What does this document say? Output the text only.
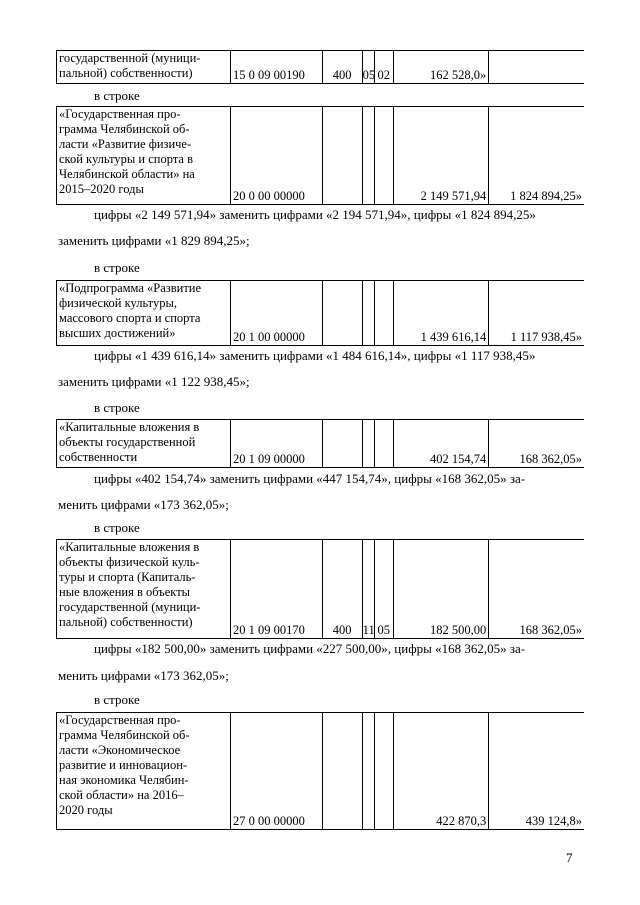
государственной (муници-
пальной) собственности)	15 0 09 00190	400	05	02	162 528,0»	
в строке
«Государственная про-
грамма Челябинской об-
ласти «Развитие физиче-
ской культуры и спорта в
Челябинской области» на
2015–2020 годы	20 0 00 00000				2 149 571,94	1 824 894,25»
цифры «2 149 571,94» заменить цифрами «2 194 571,94», цифры «1 824 894,25»
заменить цифрами «1 829 894,25»;
в строке
«Подпрограмма «Развитие
физической культуры,
массового спорта и спорта
высших достижений»	20 1 00 00000				1 439 616,14	1 117 938,45»
цифры «1 439 616,14» заменить цифрами «1 484 616,14», цифры «1 117 938,45»
заменить цифрами «1 122 938,45»;
в строке
«Капитальные вложения в
объекты государственной
собственности	20 1 09 00000				402 154,74	168 362,05»
цифры «402 154,74» заменить цифрами «447 154,74», цифры «168 362,05» за-
менить цифрами «173 362,05»;
в строке
«Капитальные вложения в
объекты физической куль-
туры и спорта (Капиталь-
ные вложения в объекты
государственной (муници-
пальной) собственности)
	20 1 09 00170	400	11	05	182 500,00	168 362,05»
цифры «182 500,00» заменить цифрами «227 500,00», цифры «168 362,05» за-
менить цифрами «173 362,05»;
в строке
«Государственная про-
грамма Челябинской об-
ласти «Экономическое
развитие и инновацион-
ная экономика Челябин-
ской области» на 2016–
2020 годы
	27 0 00 00000				422 870,3	439 124,8»
7
